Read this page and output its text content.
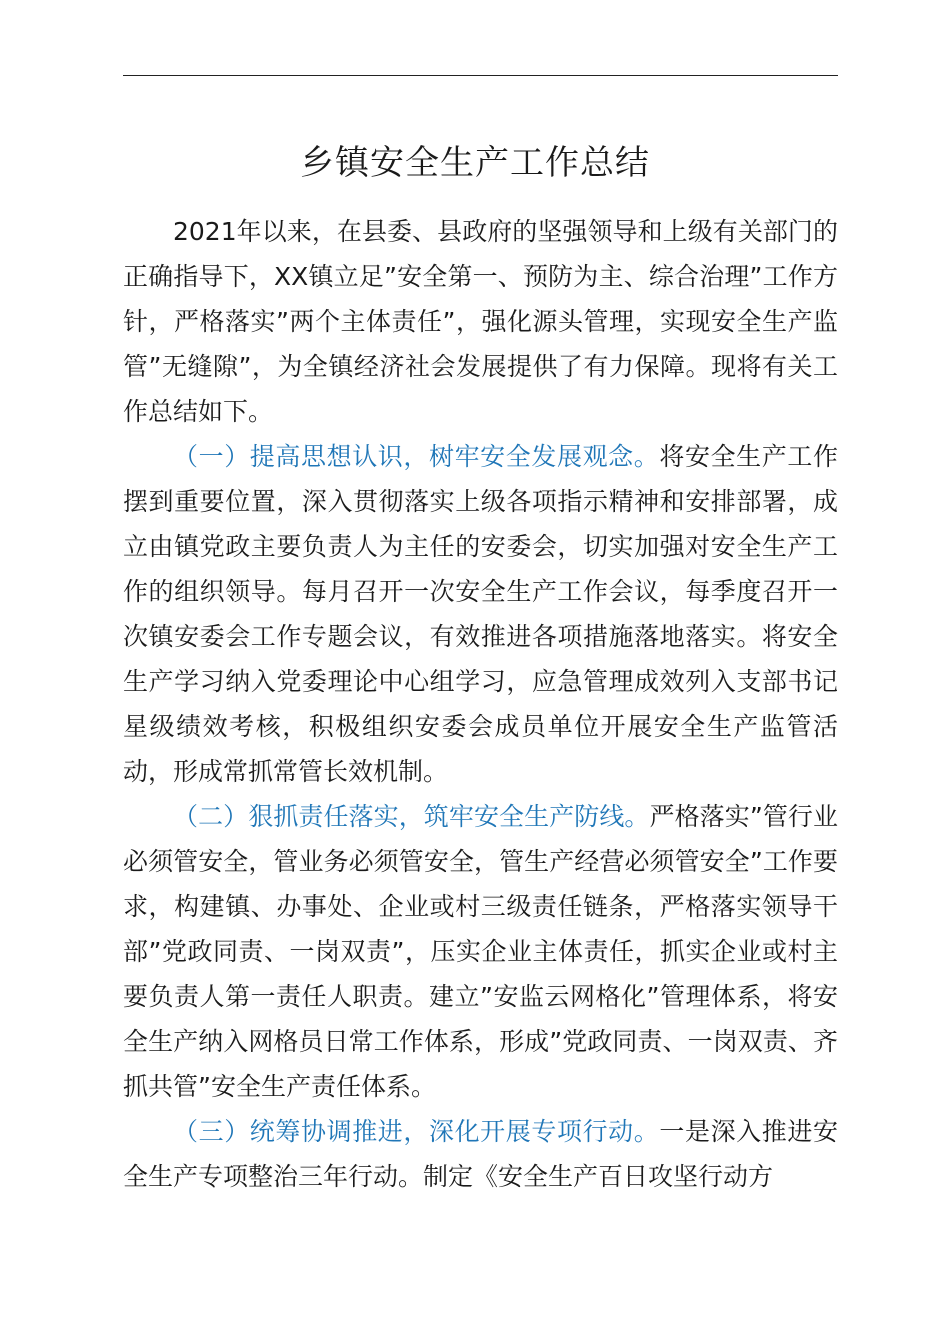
乡镇安全生产工作总结

2021年以来，在县委、县政府的坚强领导和上级有关部门的正确指导下，XX镇立足”安全第一、预防为主、综合治理”工作方针，严格落实”两个主体责任”，强化源头管理，实现安全生产监管”无缝隙”，为全镇经济社会发展提供了有力保障。现将有关工作总结如下。

（一）提高思想认识，树牢安全发展观念。将安全生产工作摆到重要位置，深入贯彻落实上级各项指示精神和安排部署，成立由镇党政主要负责人为主任的安委会，切实加强对安全生产工作的组织领导。每月召开一次安全生产工作会议，每季度召开一次镇安委会工作专题会议，有效推进各项措施落地落实。将安全生产学习纳入党委理论中心组学习，应急管理成效列入支部书记星级绩效考核，积极组织安委会成员单位开展安全生产监管活动，形成常抓常管长效机制。

（二）狠抓责任落实，筑牢安全生产防线。严格落实”管行业必须管安全，管业务必须管安全，管生产经营必须管安全”工作要求，构建镇、办事处、企业或村三级责任链条，严格落实领导干部”党政同责、一岗双责”，压实企业主体责任，抓实企业或村主要负责人第一责任人职责。建立”安监云网格化”管理体系，将安全生产纳入网格员日常工作体系，形成”党政同责、一岗双责、齐抓共管”安全生产责任体系。

（三）统筹协调推进，深化开展专项行动。一是深入推进安全生产专项整治三年行动。制定《安全生产百日攻坚行动方
